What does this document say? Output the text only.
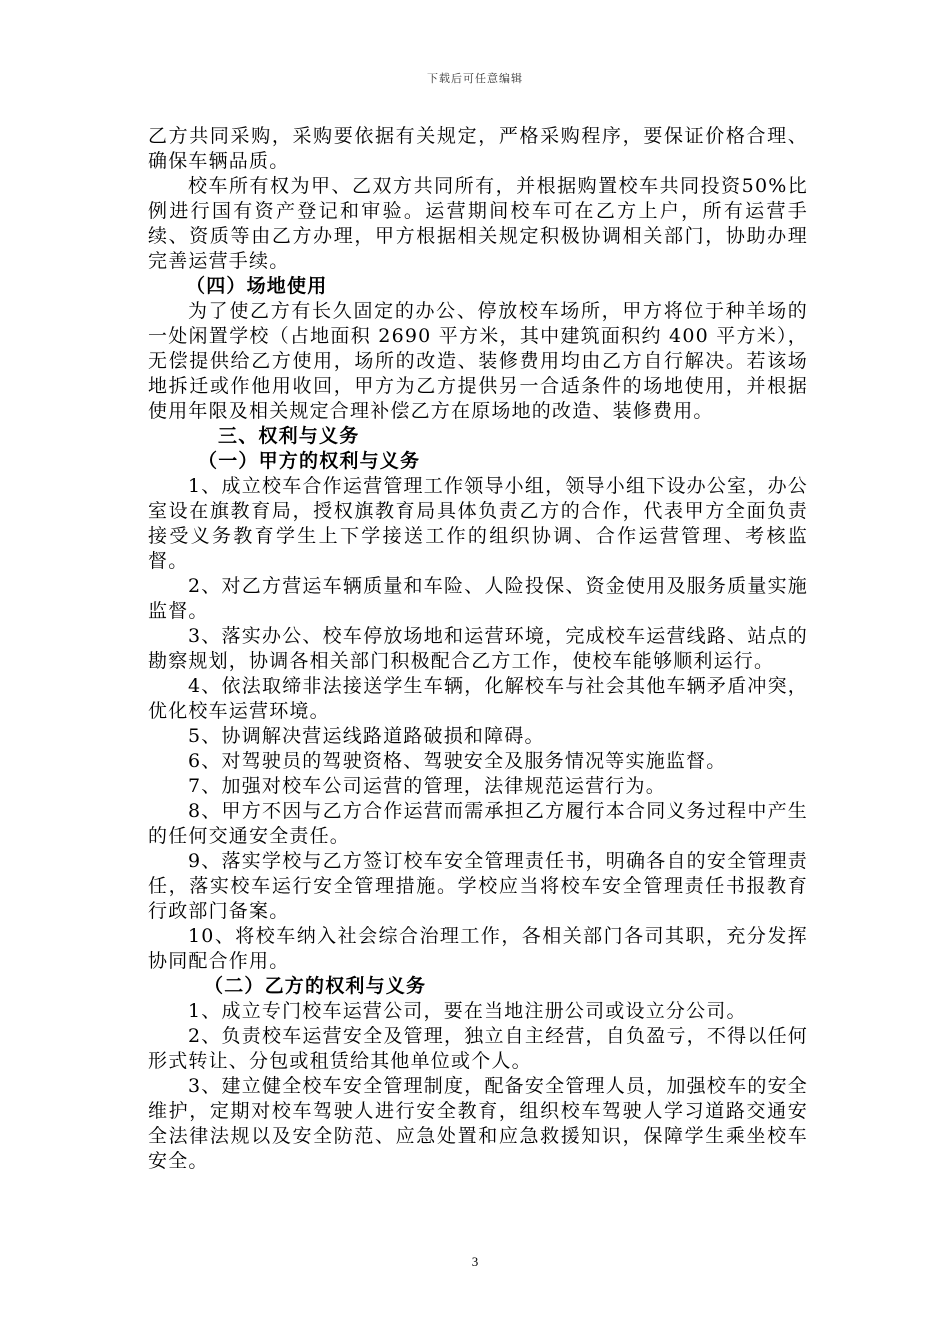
下载后可任意编辑

乙方共同采购，采购要依据有关规定，严格采购程序，要保证价格合理、确保车辆品质。

校车所有权为甲、乙双方共同所有，并根据购置校车共同投资50%比例进行国有资产登记和审验。运营期间校车可在乙方上户，所有运营手续、资质等由乙方办理，甲方根据相关规定积极协调相关部门，协助办理完善运营手续。

（四）场地使用

为了使乙方有长久固定的办公、停放校车场所，甲方将位于种羊场的一处闲置学校（占地面积 2690 平方米，其中建筑面积约 400 平方米），无偿提供给乙方使用，场所的改造、装修费用均由乙方自行解决。若该场地拆迁或作他用收回，甲方为乙方提供另一合适条件的场地使用，并根据使用年限及相关规定合理补偿乙方在原场地的改造、装修费用。

三、权利与义务

（一）甲方的权利与义务

1、成立校车合作运营管理工作领导小组，领导小组下设办公室，办公室设在旗教育局，授权旗教育局具体负责乙方的合作，代表甲方全面负责接受义务教育学生上下学接送工作的组织协调、合作运营管理、考核监督。

2、对乙方营运车辆质量和车险、人险投保、资金使用及服务质量实施监督。

3、落实办公、校车停放场地和运营环境，完成校车运营线路、站点的勘察规划，协调各相关部门积极配合乙方工作，使校车能够顺利运行。

4、依法取缔非法接送学生车辆，化解校车与社会其他车辆矛盾冲突，优化校车运营环境。

5、协调解决营运线路道路破损和障碍。

6、对驾驶员的驾驶资格、驾驶安全及服务情况等实施监督。

7、加强对校车公司运营的管理，法律规范运营行为。

8、甲方不因与乙方合作运营而需承担乙方履行本合同义务过程中产生的任何交通安全责任。

9、落实学校与乙方签订校车安全管理责任书，明确各自的安全管理责任，落实校车运行安全管理措施。学校应当将校车安全管理责任书报教育行政部门备案。

10、将校车纳入社会综合治理工作，各相关部门各司其职，充分发挥协同配合作用。

（二）乙方的权利与义务

1、成立专门校车运营公司，要在当地注册公司或设立分公司。

2、负责校车运营安全及管理，独立自主经营，自负盈亏，不得以任何形式转让、分包或租赁给其他单位或个人。

3、建立健全校车安全管理制度，配备安全管理人员，加强校车的安全维护，定期对校车驾驶人进行安全教育，组织校车驾驶人学习道路交通安全法律法规以及安全防范、应急处置和应急救援知识，保障学生乘坐校车安全。

3
